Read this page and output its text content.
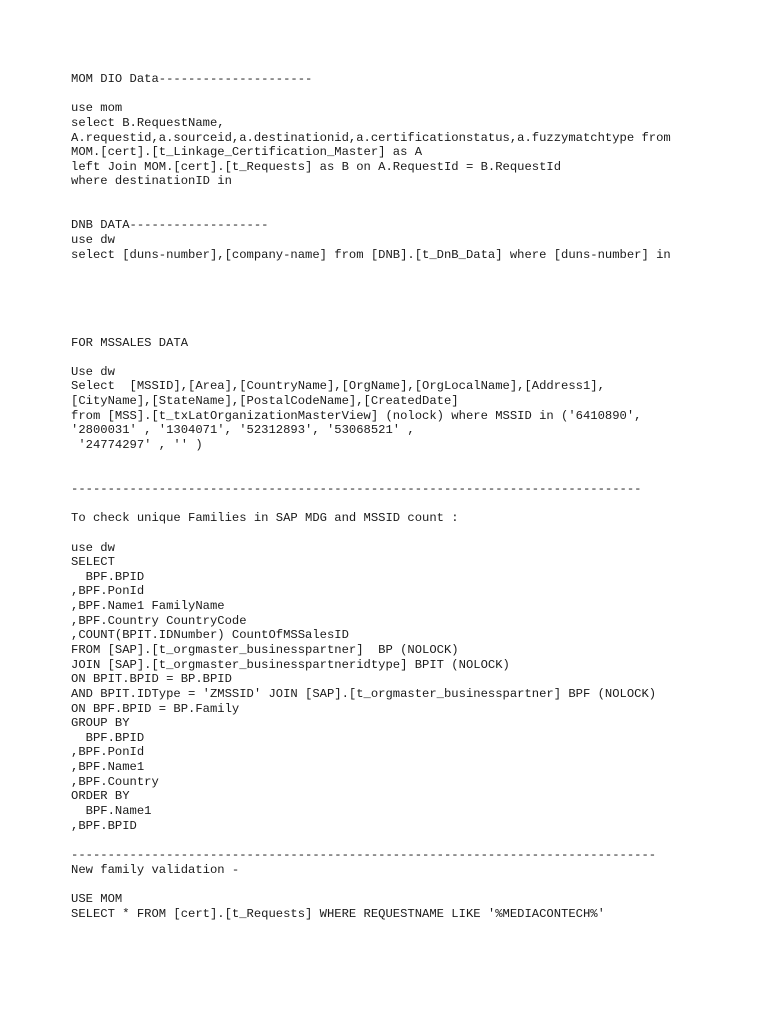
MOM DIO Data---------------------
use mom
select B.RequestName,
A.requestid,a.sourceid,a.destinationid,a.certificationstatus,a.fuzzymatchtype from
MOM.[cert].[t_Linkage_Certification_Master] as A
left Join MOM.[cert].[t_Requests] as B on A.RequestId = B.RequestId
where destinationID in
DNB DATA-------------------
use dw
select [duns-number],[company-name] from [DNB].[t_DnB_Data] where [duns-number] in
FOR MSSALES DATA
Use dw
Select  [MSSID],[Area],[CountryName],[OrgName],[OrgLocalName],[Address1],
[CityName],[StateName],[PostalCodeName],[CreatedDate]
from [MSS].[t_txLatOrganizationMasterView] (nolock) where MSSID in ('6410890',
'2800031' , '1304071', '52312893', '53068521' ,
'24774297' , '' )
------------------------------------------------------------------------------
To check unique Families in SAP MDG and MSSID count :
use dw
SELECT
BPF.BPID
,BPF.PonId
,BPF.Name1 FamilyName
,BPF.Country CountryCode
,COUNT(BPIT.IDNumber) CountOfMSSalesID
FROM [SAP].[t_orgmaster_businesspartner]  BP (NOLOCK)
JOIN [SAP].[t_orgmaster_businesspartneridtype] BPIT (NOLOCK)
ON BPIT.BPID = BP.BPID
AND BPIT.IDType = 'ZMSSID' JOIN [SAP].[t_orgmaster_businesspartner] BPF (NOLOCK)
ON BPF.BPID = BP.Family
GROUP BY
BPF.BPID
,BPF.PonId
,BPF.Name1
,BPF.Country
ORDER BY
BPF.Name1
,BPF.BPID
--------------------------------------------------------------------------------
New family validation -
USE MOM
SELECT * FROM [cert].[t_Requests] WHERE REQUESTNAME LIKE '%MEDIACONTECH%'
